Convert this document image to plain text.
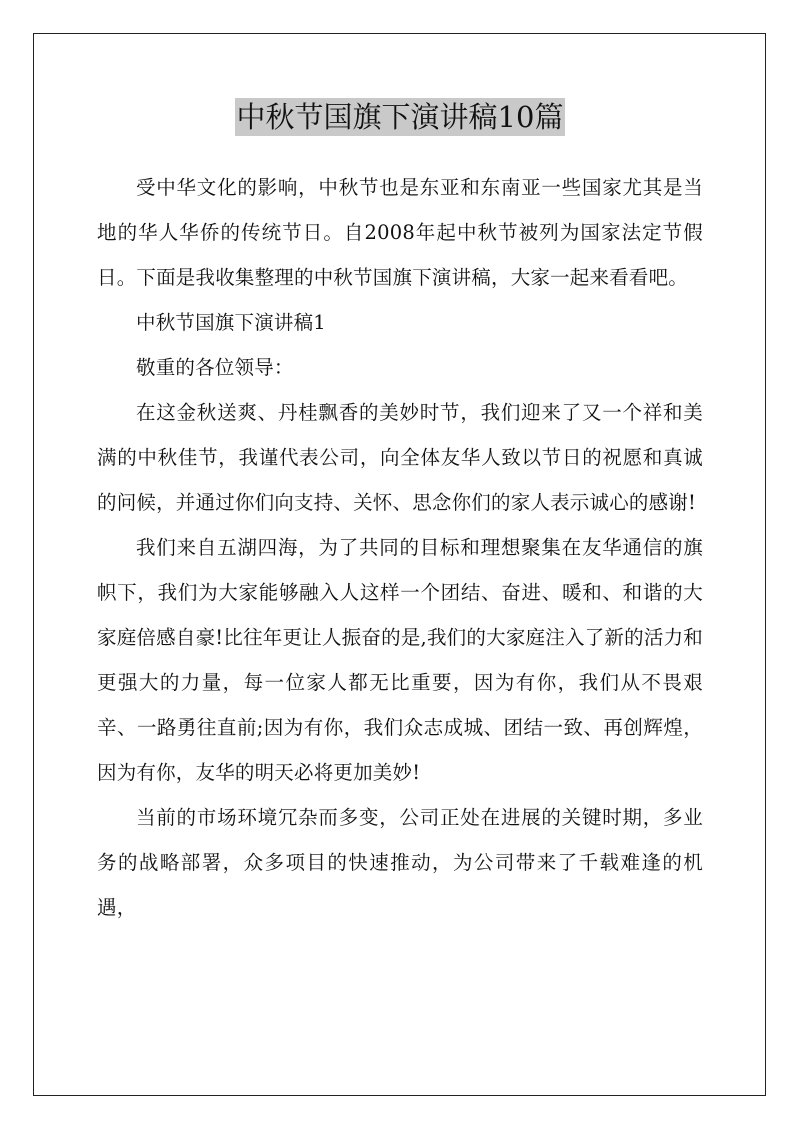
中秋节国旗下演讲稿10篇

受中华文化的影响，中秋节也是东亚和东南亚一些国家尤其是当地的华人华侨的传统节日。自2008年起中秋节被列为国家法定节假日。下面是我收集整理的中秋节国旗下演讲稿，大家一起来看看吧。

中秋节国旗下演讲稿1

敬重的各位领导：

在这金秋送爽、丹桂飘香的美妙时节，我们迎来了又一个祥和美满的中秋佳节，我谨代表公司，向全体友华人致以节日的祝愿和真诚的问候，并通过你们向支持、关怀、思念你们的家人表示诚心的感谢!

我们来自五湖四海，为了共同的目标和理想聚集在友华通信的旗帜下，我们为大家能够融入人这样一个团结、奋进、暖和、和谐的大家庭倍感自豪!比往年更让人振奋的是,我们的大家庭注入了新的活力和更强大的力量，每一位家人都无比重要，因为有你，我们从不畏艰辛、一路勇往直前;因为有你，我们众志成城、团结一致、再创辉煌，因为有你，友华的明天必将更加美妙!

当前的市场环境冗杂而多变，公司正处在进展的关键时期，多业务的战略部署，众多项目的快速推动，为公司带来了千载难逢的机遇，
